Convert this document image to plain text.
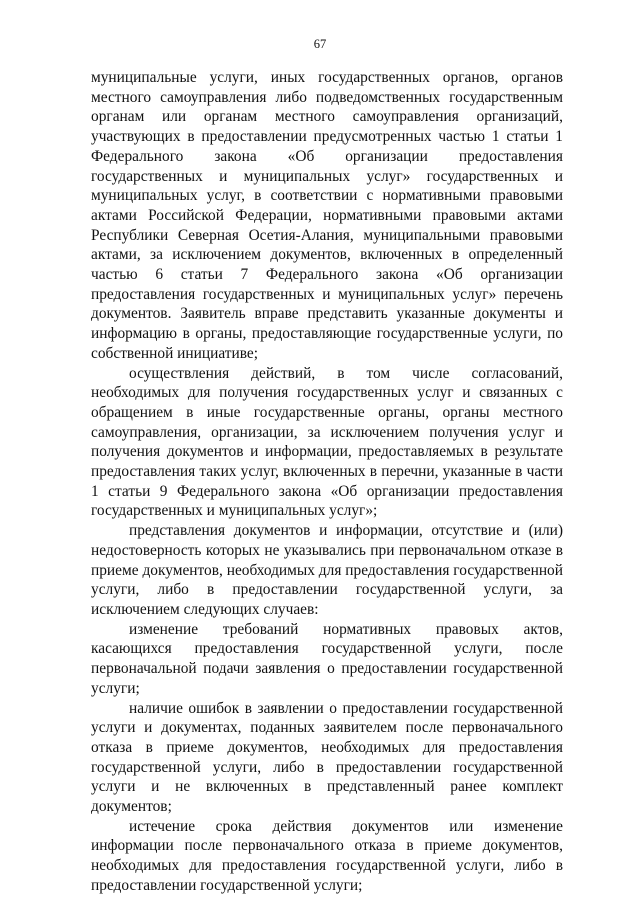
67

муниципальные услуги, иных государственных органов, органов местного самоуправления либо подведомственных государственным органам или органам местного самоуправления организаций, участвующих в предоставлении предусмотренных частью 1 статьи 1 Федерального закона «Об организации предоставления государственных и муниципальных услуг» государственных и муниципальных услуг, в соответствии с нормативными правовыми актами Российской Федерации, нормативными правовыми актами Республики Северная Осетия-Алания, муниципальными правовыми актами, за исключением документов, включенных в определенный частью 6 статьи 7 Федерального закона «Об организации предоставления государственных и муниципальных услуг» перечень документов. Заявитель вправе представить указанные документы и информацию в органы, предоставляющие государственные услуги, по собственной инициативе;

осуществления действий, в том числе согласований, необходимых для получения государственных услуг и связанных с обращением в иные государственные органы, органы местного самоуправления, организации, за исключением получения услуг и получения документов и информации, предоставляемых в результате предоставления таких услуг, включенных в перечни, указанные в части 1 статьи 9 Федерального закона «Об организации предоставления государственных и муниципальных услуг»;

представления документов и информации, отсутствие и (или) недостоверность которых не указывались при первоначальном отказе в приеме документов, необходимых для предоставления государственной услуги, либо в предоставлении государственной услуги, за исключением следующих случаев:

изменение требований нормативных правовых актов, касающихся предоставления государственной услуги, после первоначальной подачи заявления о предоставлении государственной услуги;

наличие ошибок в заявлении о предоставлении государственной услуги и документах, поданных заявителем после первоначального отказа в приеме документов, необходимых для предоставления государственной услуги, либо в предоставлении государственной услуги и не включенных в представленный ранее комплект документов;

истечение срока действия документов или изменение информации после первоначального отказа в приеме документов, необходимых для предоставления государственной услуги, либо в предоставлении государственной услуги;
